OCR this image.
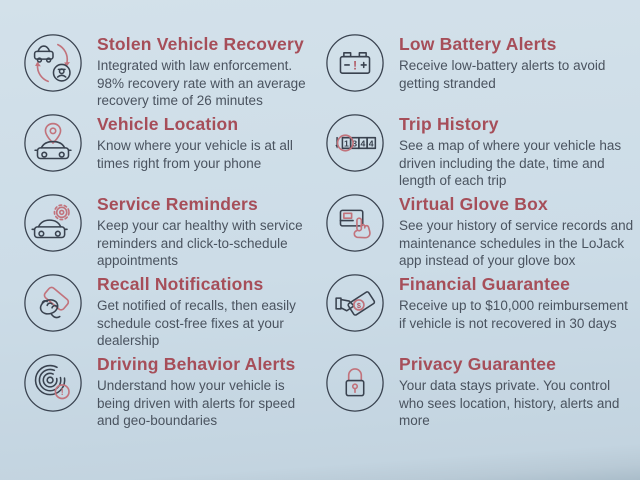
Stolen Vehicle Recovery

Integrated with law enforcement. 98% recovery rate with an average recovery time of 26 minutes

Vehicle Location

Know where your vehicle is at all times right from your phone

Service Reminders

Keep your car healthy with service reminders and click-to-schedule appointments

Recall Notifications

Get notified of recalls, then easily schedule cost-free fixes at your dealership

!
Driving Behavior Alerts

Understand how your vehicle is being driven with alerts for speed and geo-boundaries

!
Low Battery Alerts

Receive low-battery alerts to avoid getting stranded

1 3 4 4
Trip History

See a map of where your vehicle has driven including the date, time and length of each trip

Virtual Glove Box

See your history of service records and maintenance schedules in the LoJack app instead of your glove box

$
Financial Guarantee

Receive up to $10,000 reimbursement if vehicle is not recovered in 30 days

Privacy Guarantee

Your data stays private. You control who sees location, history, alerts and more
